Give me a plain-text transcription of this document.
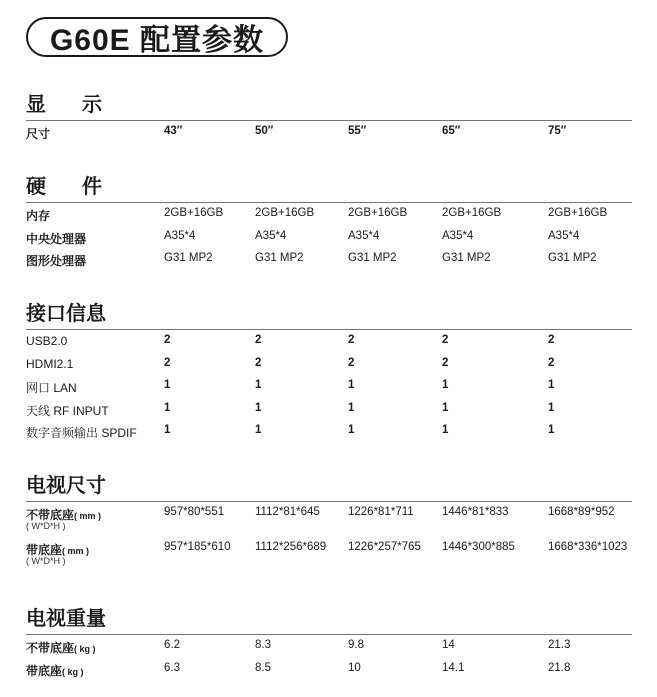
G60E 配置参数
显示
尺寸	43″	50″	55″	65″	75″
硬件
内存	2GB+16GB	2GB+16GB	2GB+16GB	2GB+16GB	2GB+16GB
中央处理器	A35*4	A35*4	A35*4	A35*4	A35*4
图形处理器	G31 MP2	G31 MP2	G31 MP2	G31 MP2	G31 MP2
接口信息
USB2.0	2	2	2	2	2
HDMI2.1	2	2	2	2	2
网口 LAN	1	1	1	1	1
天线 RF INPUT	1	1	1	1	1
数字音频输出 SPDIF 1	1	1	1	1
电视尺寸
不带底座( mm )
( W*D*H )
957*80*551	1112*81*645 1226*81*711 1446*81*833	1668*89*952
带底座( mm )
( W*D*H )
957*185*610 1112*256*689 1226*257*765 1446*300*885	1668*336*1023
电视重量
不带底座( kg )	6.2	8.3	9.8	14	21.3
带底座( kg )	6.3	8.5	10	14.1	21.8
